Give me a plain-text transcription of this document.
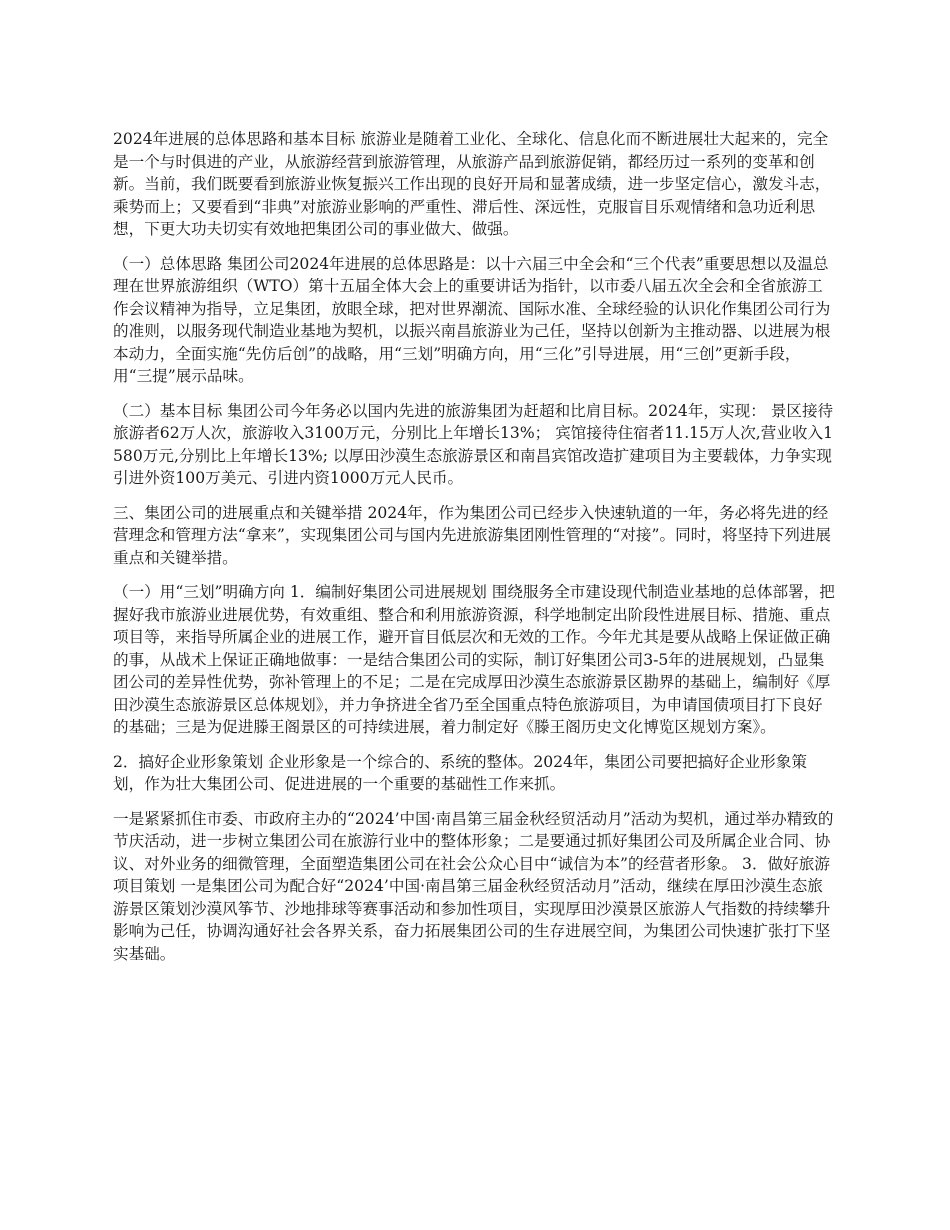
2024年进展的总体思路和基本目标 旅游业是随着工业化、全球化、信息化而不断进展壮大起来的，完全是一个与时俱进的产业，从旅游经营到旅游管理，从旅游产品到旅游促销，都经历过一系列的变革和创新。当前，我们既要看到旅游业恢复振兴工作出现的良好开局和显著成绩，进一步坚定信心，激发斗志，乘势而上；又要看到“非典”对旅游业影响的严重性、滞后性、深远性，克服盲目乐观情绪和急功近利思想，下更大功夫切实有效地把集团公司的事业做大、做强。

（一）总体思路 集团公司2024年进展的总体思路是：以十六届三中全会和“三个代表”重要思想以及温总理在世界旅游组织（WTO）第十五届全体大会上的重要讲话为指针，以市委八届五次全会和全省旅游工作会议精神为指导，立足集团，放眼全球，把对世界潮流、国际水准、全球经验的认识化作集团公司行为的准则，以服务现代制造业基地为契机，以振兴南昌旅游业为己任，坚持以创新为主推动器、以进展为根本动力，全面实施“先仿后创”的战略，用“三划”明确方向，用“三化”引导进展，用“三创”更新手段，用“三提”展示品味。

（二）基本目标 集团公司今年务必以国内先进的旅游集团为赶超和比肩目标。2024年，实现： 景区接待旅游者62万人次，旅游收入3100万元，分别比上年增长13%； 宾馆接待住宿者11.15万人次,营业收入1580万元,分别比上年增长13%; 以厚田沙漠生态旅游景区和南昌宾馆改造扩建项目为主要载体，力争实现引进外资100万美元、引进内资1000万元人民币。

三、集团公司的进展重点和关键举措 2024年，作为集团公司已经步入快速轨道的一年，务必将先进的经营理念和管理方法“拿来”，实现集团公司与国内先进旅游集团刚性管理的“对接”。同时，将坚持下列进展重点和关键举措。

（一）用“三划”明确方向 1．编制好集团公司进展规划 围绕服务全市建设现代制造业基地的总体部署，把握好我市旅游业进展优势，有效重组、整合和利用旅游资源，科学地制定出阶段性进展目标、措施、重点项目等，来指导所属企业的进展工作，避开盲目低层次和无效的工作。今年尤其是要从战略上保证做正确的事，从战术上保证正确地做事：一是结合集团公司的实际，制订好集团公司3-5年的进展规划，凸显集团公司的差异性优势，弥补管理上的不足；二是在完成厚田沙漠生态旅游景区勘界的基础上，编制好《厚田沙漠生态旅游景区总体规划》，并力争挤进全省乃至全国重点特色旅游项目，为申请国债项目打下良好的基础；三是为促进滕王阁景区的可持续进展，着力制定好《滕王阁历史文化博览区规划方案》。

2．搞好企业形象策划 企业形象是一个综合的、系统的整体。2024年，集团公司要把搞好企业形象策划，作为壮大集团公司、促进进展的一个重要的基础性工作来抓。

一是紧紧抓住市委、市政府主办的“2024’中国·南昌第三届金秋经贸活动月”活动为契机，通过举办精致的节庆活动，进一步树立集团公司在旅游行业中的整体形象；二是要通过抓好集团公司及所属企业合同、协议、对外业务的细微管理，全面塑造集团公司在社会公众心目中“诚信为本”的经营者形象。 3．做好旅游项目策划 一是集团公司为配合好“2024’中国·南昌第三届金秋经贸活动月”活动，继续在厚田沙漠生态旅游景区策划沙漠风筝节、沙地排球等赛事活动和参加性项目，实现厚田沙漠景区旅游人气指数的持续攀升影响为己任，协调沟通好社会各界关系，奋力拓展集团公司的生存进展空间，为集团公司快速扩张打下坚实基础。
